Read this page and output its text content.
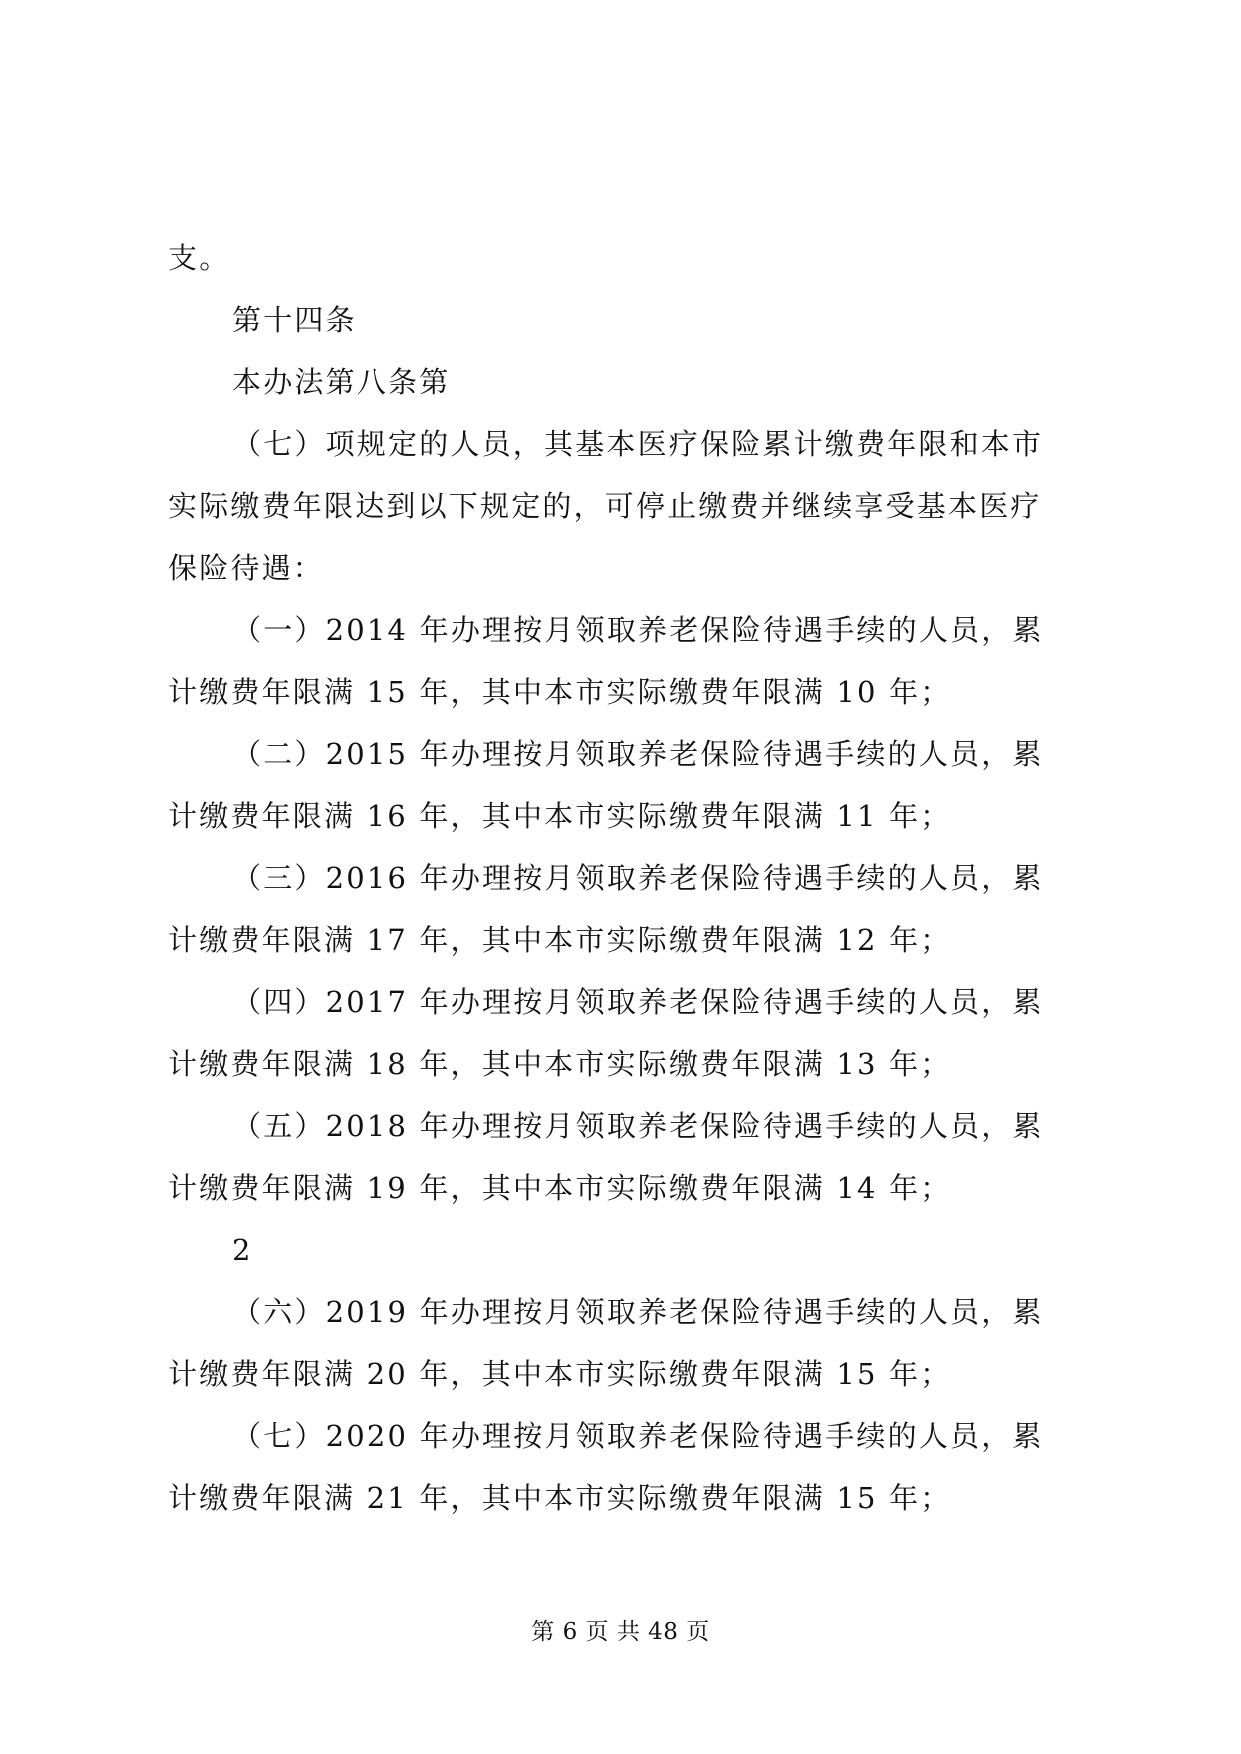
支。
第十四条
本办法第八条第
（七）项规定的人员，其基本医疗保险累计缴费年限和本市
实际缴费年限达到以下规定的，可停止缴费并继续享受基本医疗
保险待遇：
（一）2014 年办理按月领取养老保险待遇手续的人员，累
计缴费年限满 15 年，其中本市实际缴费年限满 10 年；
（二）2015 年办理按月领取养老保险待遇手续的人员，累
计缴费年限满 16 年，其中本市实际缴费年限满 11 年；
（三）2016 年办理按月领取养老保险待遇手续的人员，累
计缴费年限满 17 年，其中本市实际缴费年限满 12 年；
（四）2017 年办理按月领取养老保险待遇手续的人员，累
计缴费年限满 18 年，其中本市实际缴费年限满 13 年；
（五）2018 年办理按月领取养老保险待遇手续的人员，累
计缴费年限满 19 年，其中本市实际缴费年限满 14 年；
2
（六）2019 年办理按月领取养老保险待遇手续的人员，累
计缴费年限满 20 年，其中本市实际缴费年限满 15 年；
（七）2020 年办理按月领取养老保险待遇手续的人员，累
计缴费年限满 21 年，其中本市实际缴费年限满 15 年；
第 6 页 共 48 页
